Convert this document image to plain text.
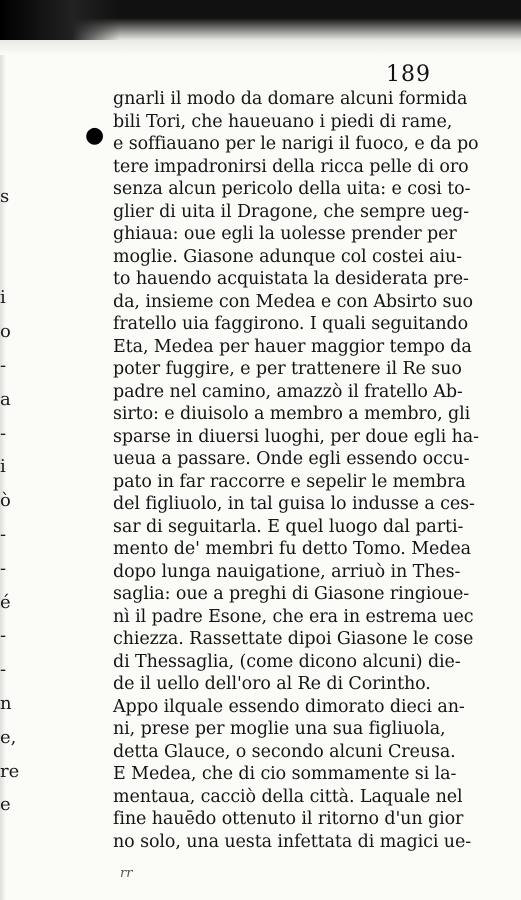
189
●
s
i
o
-
a
-
i
ò
-
-
é
-
-
n
e,
re
e
gnarli il modo da domare alcuni formida
bili Tori, che haueuano i piedi di rame,
e soffiauano per le narigi il fuoco, e da po
tere impadronirsi della ricca pelle di oro
senza alcun pericolo della uita: e cosi to-
glier di uita il Dragone, che sempre ueg-
ghiaua: oue egli la uolesse prender per
moglie. Giasone adunque col costei aiu-
to hauendo acquistata la desiderata pre-
da, insieme con Medea e con Absirto suo
fratello uia faggirono. I quali seguitando
Eta, Medea per hauer maggior tempo da
poter fuggire, e per trattenere il Re suo
padre nel camino, amazzò il fratello Ab-
sirto: e diuisolo a membro a membro, gli
sparse in diuersi luoghi, per doue egli ha-
ueua a passare. Onde egli essendo occu-
pato in far raccorre e sepelir le membra
del figliuolo, in tal guisa lo indusse a ces-
sar di seguitarla. E quel luogo dal parti-
mento de' membri fu detto Tomo. Medea
dopo lunga nauigatione, arriuò in Thes-
saglia: oue a preghi di Giasone ringioue-
nì il padre Esone, che era in estrema uec
chiezza. Rassettate dipoi Giasone le cose
di Thessaglia, (come dicono alcuni) die-
de il uello dell'oro al Re di Corintho.
Appo ilquale essendo dimorato dieci an-
ni, prese per moglie una sua figliuola,
detta Glauce, o secondo alcuni Creusa.
E Medea, che di cio sommamente si la-
mentaua, cacciò della città. Laquale nel
fine hauēdo ottenuto il ritorno d'un gior
no solo, una uesta infettata di magici ue-
rr
